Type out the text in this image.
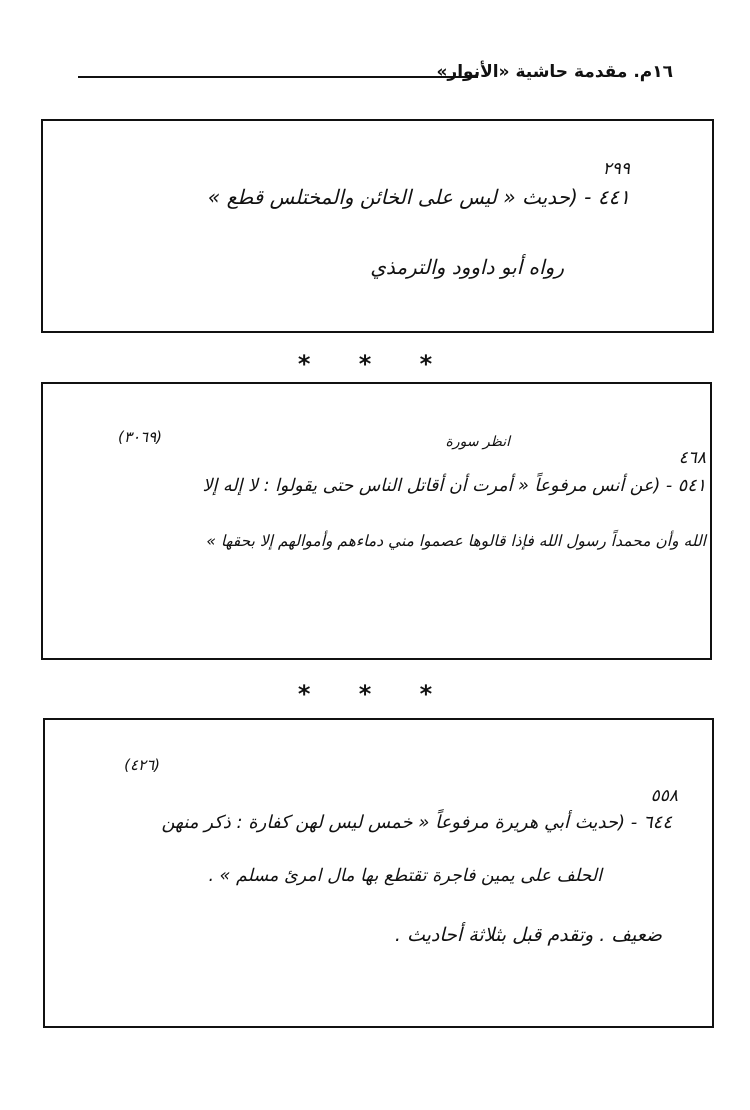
١٦م. مقدمة حاشية «الأنوار»
٢٩٩
٤٤١ - (حديث « ليس على الخائن والمختلس قطع »
رواه أبو داوود والترمذي
* * *
(٣٠٦٩)	انظر سورة
٤٦٨
٥٤١ - (عن أنس مرفوعاً « أمرت أن أقاتل الناس حتى يقولوا : لا إله إلا
الله وأن محمداً رسول الله فإذا قالوها عصموا مني دماءهم وأموالهم إلا بحقها »
* * *
(٤٢٦)
٥٥٨
٦٤٤ - (حديث أبي هريرة مرفوعاً « خمس ليس لهن كفارة : ذكر منهن
الحلف على يمين فاجرة تقتطع بها مال امرئ مسلم » .
ضعيف . وتقدم قبل بثلاثة أحاديث .
